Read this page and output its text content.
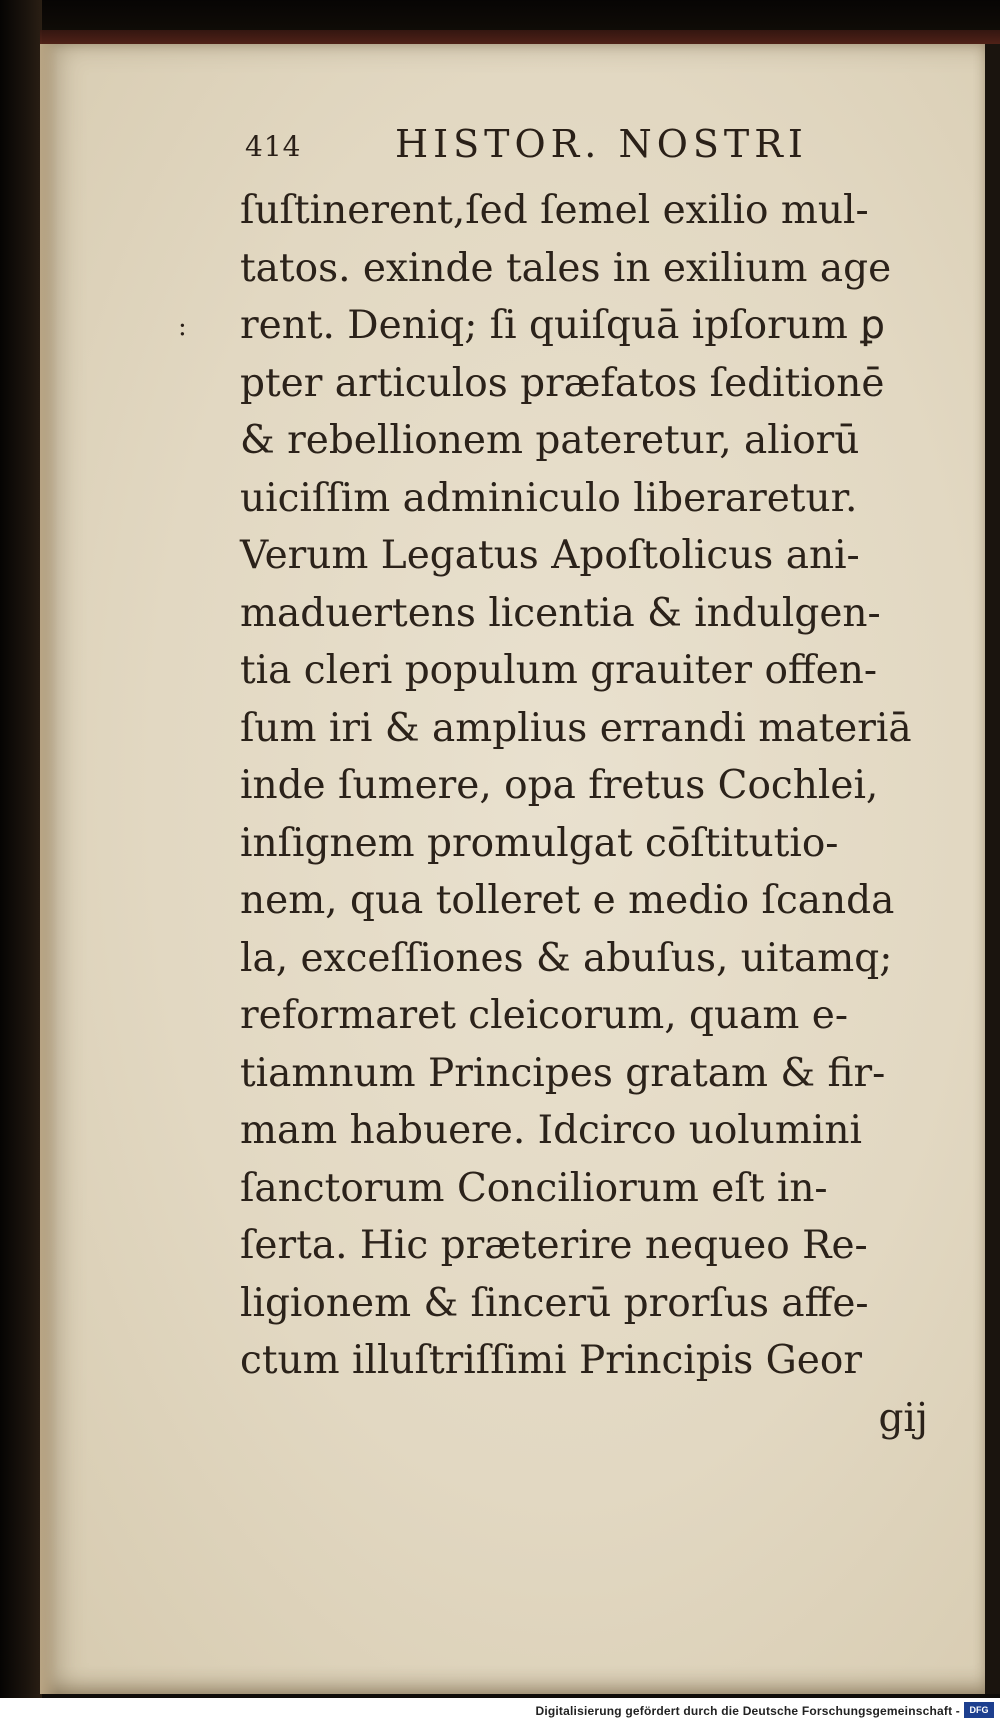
414 HISTOR. NOSTRI
:
ſuſtinerent,ſed ſemel exilio mul-
tatos. exinde tales in exilium age
rent. Deniq; ſi quiſquā ipſorum ꝑ
pter articulos præfatos ſeditionē
& rebellionem pateretur, aliorū
uiciſſim adminiculo liberaretur.
Verum Legatus Apoſtolicus ani-
maduertens licentia & indulgen-
tia cleri populum grauiter offen-
ſum iri & amplius errandi materiā
inde ſumere, opa fretus Cochlei,
inſignem promulgat cōſtitutio-
nem, qua tolleret e medio ſcanda
la, exceſſiones & abuſus, uitamq;
reformaret cleicorum, quam e-
tiamnum Principes gratam & fir-
mam habuere. Idcirco uolumini
ſanctorum Conciliorum eſt in-
ſerta. Hic præterire nequeo Re-
ligionem & ſincerū prorſus affe-
ctum illuſtriſſimi Principis Geor
gij
Digitalisierung gefördert durch die Deutsche Forschungsgemeinschaft -	DFG
